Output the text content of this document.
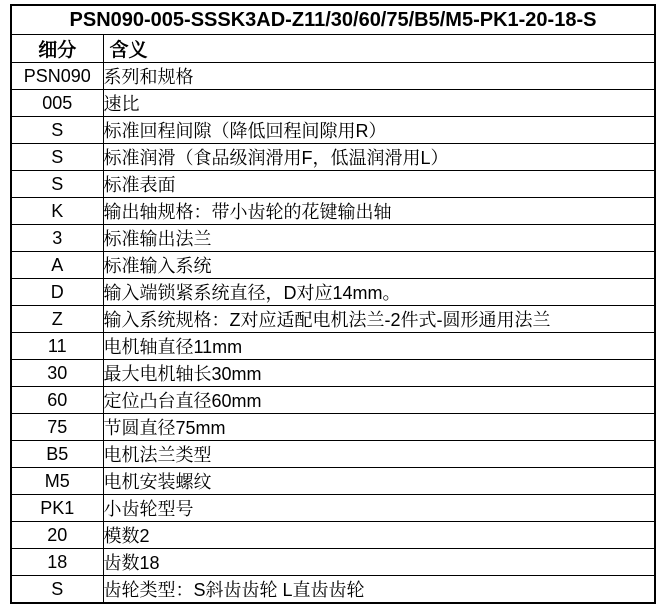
PSN090-005-SSSK3AD-Z11/30/60/75/B5/M5-PK1-20-18-S	
细分	含义
PSN090	系列和规格
005	速比
S	标准回程间隙（降低回程间隙用R）
S	标准润滑（食品级润滑用F，低温润滑用L）
S	标准表面
K	输出轴规格：带小齿轮的花键输出轴
3	标准输出法兰
A	标准输入系统
D	输入端锁紧系统直径，D对应14mm。
Z	输入系统规格：Z对应适配电机法兰-2件式-圆形通用法兰
11	电机轴直径11mm
30	最大电机轴长30mm
60	定位凸台直径60mm
75	节圆直径75mm
B5	电机法兰类型
M5	电机安装螺纹
PK1	小齿轮型号
20	模数2
18	齿数18
S	齿轮类型：S斜齿齿轮 L直齿齿轮
